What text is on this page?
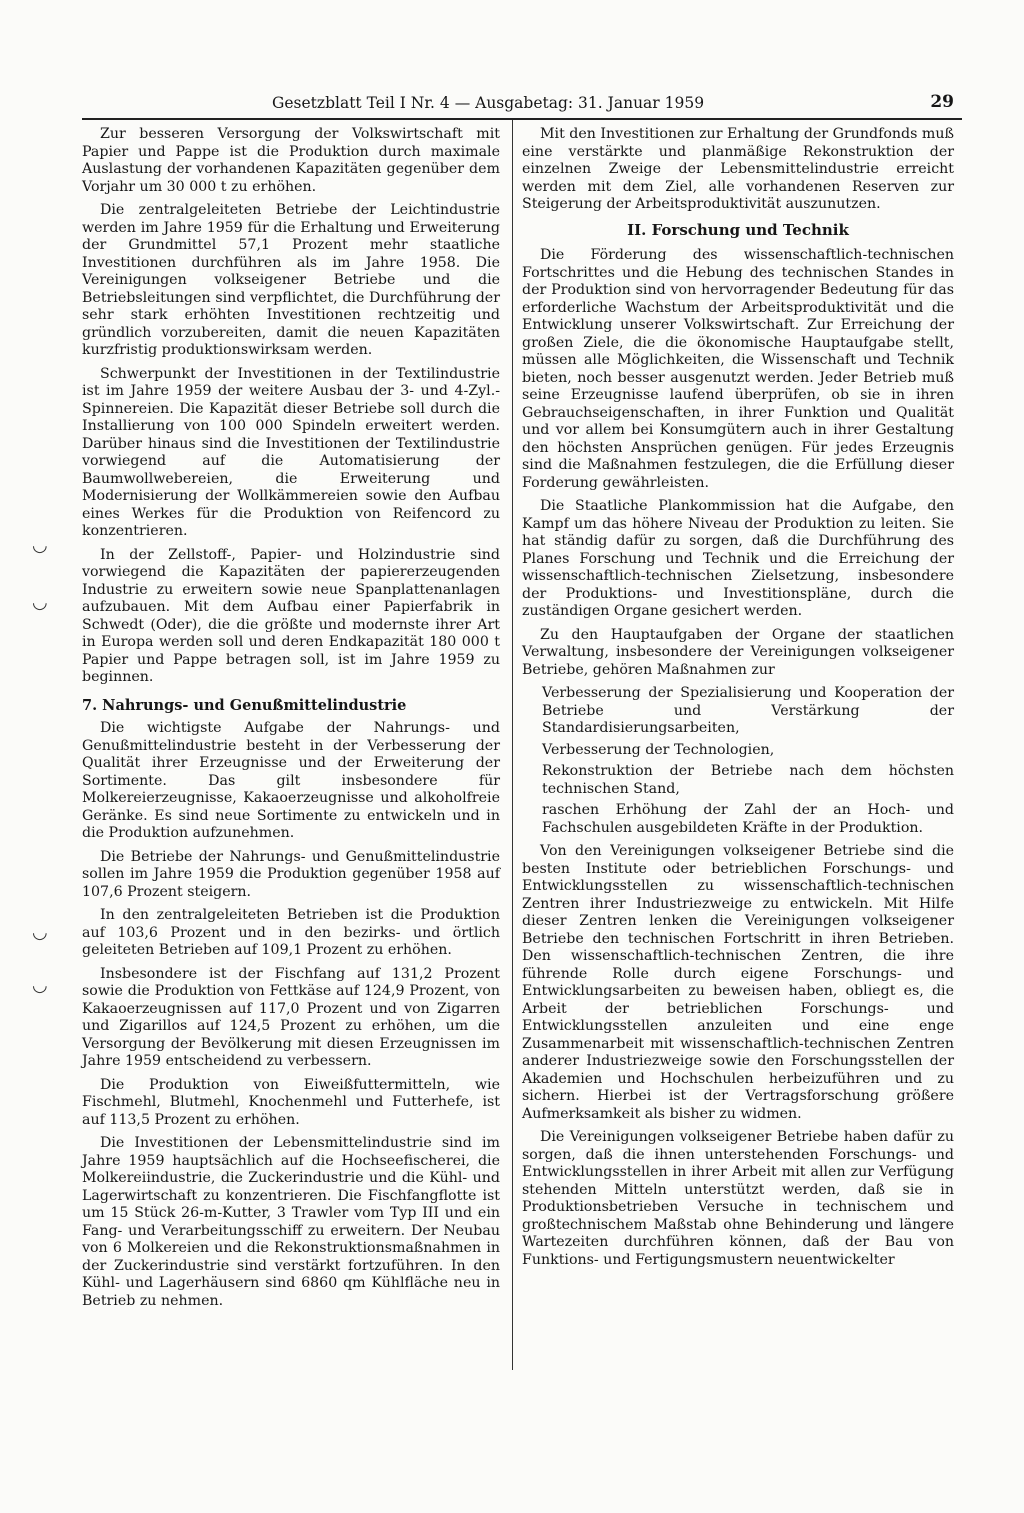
Gesetzblatt Teil I Nr. 4 — Ausgabetag: 31. Januar 1959	29
◡
◡
◡
◡

Zur besseren Versorgung der Volkswirtschaft mit Papier und Pappe ist die Produktion durch maximale Auslastung der vorhandenen Kapazitäten gegenüber dem Vorjahr um 30 000 t zu erhöhen.

Die zentralgeleiteten Betriebe der Leichtindustrie werden im Jahre 1959 für die Erhaltung und Erweiterung der Grundmittel 57,1 Prozent mehr staatliche Investitionen durchführen als im Jahre 1958. Die Vereinigungen volkseigener Betriebe und die Betriebsleitungen sind verpflichtet, die Durchführung der sehr stark erhöhten Investitionen rechtzeitig und gründlich vorzubereiten, damit die neuen Kapazitäten kurzfristig produktionswirksam werden.

Schwerpunkt der Investitionen in der Textilindustrie ist im Jahre 1959 der weitere Ausbau der 3- und 4-Zyl.-Spinnereien. Die Kapazität dieser Betriebe soll durch die Installierung von 100 000 Spindeln erweitert werden. Darüber hinaus sind die Investitionen der Textilindustrie vorwiegend auf die Automatisierung der Baumwollwebereien, die Erweiterung und Modernisierung der Wollkämmereien sowie den Aufbau eines Werkes für die Produktion von Reifencord zu konzentrieren.

In der Zellstoff-, Papier- und Holzindustrie sind vorwiegend die Kapazitäten der papiererzeugenden Industrie zu erweitern sowie neue Spanplattenanlagen aufzubauen. Mit dem Aufbau einer Papierfabrik in Schwedt (Oder), die die größte und modernste ihrer Art in Europa werden soll und deren Endkapazität 180 000 t Papier und Pappe betragen soll, ist im Jahre 1959 zu beginnen.

7. Nahrungs- und Genußmittelindustrie

Die wichtigste Aufgabe der Nahrungs- und Genußmittelindustrie besteht in der Verbesserung der Qualität ihrer Erzeugnisse und der Erweiterung der Sortimente. Das gilt insbesondere für Molkereierzeugnisse, Kakaoerzeugnisse und alkoholfreie Geränke. Es sind neue Sortimente zu entwickeln und in die Produktion aufzunehmen.

Die Betriebe der Nahrungs- und Genußmittelindustrie sollen im Jahre 1959 die Produktion gegenüber 1958 auf 107,6 Prozent steigern.

In den zentralgeleiteten Betrieben ist die Produktion auf 103,6 Prozent und in den bezirks- und örtlich geleiteten Betrieben auf 109,1 Prozent zu erhöhen.

Insbesondere ist der Fischfang auf 131,2 Prozent sowie die Produktion von Fettkäse auf 124,9 Prozent, von Kakaoerzeugnissen auf 117,0 Prozent und von Zigarren und Zigarillos auf 124,5 Prozent zu erhöhen, um die Versorgung der Bevölkerung mit diesen Erzeugnissen im Jahre 1959 entscheidend zu verbessern.

Die Produktion von Eiweißfuttermitteln, wie Fischmehl, Blutmehl, Knochenmehl und Futterhefe, ist auf 113,5 Prozent zu erhöhen.

Die Investitionen der Lebensmittelindustrie sind im Jahre 1959 hauptsächlich auf die Hochseefischerei, die Molkereiindustrie, die Zuckerindustrie und die Kühl- und Lagerwirtschaft zu konzentrieren. Die Fischfangflotte ist um 15 Stück 26-m-Kutter, 3 Trawler vom Typ III und ein Fang- und Verarbeitungsschiff zu erweitern. Der Neubau von 6 Molkereien und die Rekonstruktionsmaßnahmen in der Zuckerindustrie sind verstärkt fortzuführen. In den Kühl- und Lagerhäusern sind 6860 qm Kühlfläche neu in Betrieb zu nehmen.

Mit den Investitionen zur Erhaltung der Grundfonds muß eine verstärkte und planmäßige Rekonstruktion der einzelnen Zweige der Lebensmittelindustrie erreicht werden mit dem Ziel, alle vorhandenen Reserven zur Steigerung der Arbeitsproduktivität auszunutzen.

II. Forschung und Technik

Die Förderung des wissenschaftlich-technischen Fortschrittes und die Hebung des technischen Standes in der Produktion sind von hervorragender Bedeutung für das erforderliche Wachstum der Arbeitsproduktivität und die Entwicklung unserer Volkswirtschaft. Zur Erreichung der großen Ziele, die die ökonomische Hauptaufgabe stellt, müssen alle Möglichkeiten, die Wissenschaft und Technik bieten, noch besser ausgenutzt werden. Jeder Betrieb muß seine Erzeugnisse laufend überprüfen, ob sie in ihren Gebrauchseigenschaften, in ihrer Funktion und Qualität und vor allem bei Konsumgütern auch in ihrer Gestaltung den höchsten Ansprüchen genügen. Für jedes Erzeugnis sind die Maßnahmen festzulegen, die die Erfüllung dieser Forderung gewährleisten.

Die Staatliche Plankommission hat die Aufgabe, den Kampf um das höhere Niveau der Produktion zu leiten. Sie hat ständig dafür zu sorgen, daß die Durchführung des Planes Forschung und Technik und die Erreichung der wissenschaftlich-technischen Zielsetzung, insbesondere der Produktions- und Investitionspläne, durch die zuständigen Organe gesichert werden.

Zu den Hauptaufgaben der Organe der staatlichen Verwaltung, insbesondere der Vereinigungen volkseigener Betriebe, gehören Maßnahmen zur

Verbesserung der Spezialisierung und Kooperation der Betriebe und Verstärkung der Standardisierungsarbeiten,
Verbesserung der Technologien,
Rekonstruktion der Betriebe nach dem höchsten technischen Stand,
raschen Erhöhung der Zahl der an Hoch- und Fachschulen ausgebildeten Kräfte in der Produktion.

Von den Vereinigungen volkseigener Betriebe sind die besten Institute oder betrieblichen Forschungs- und Entwicklungsstellen zu wissenschaftlich-technischen Zentren ihrer Industriezweige zu entwickeln. Mit Hilfe dieser Zentren lenken die Vereinigungen volkseigener Betriebe den technischen Fortschritt in ihren Betrieben. Den wissenschaftlich-technischen Zentren, die ihre führende Rolle durch eigene Forschungs- und Entwicklungsarbeiten zu beweisen haben, obliegt es, die Arbeit der betrieblichen Forschungs- und Entwicklungsstellen anzuleiten und eine enge Zusammenarbeit mit wissenschaftlich-technischen Zentren anderer Industriezweige sowie den Forschungsstellen der Akademien und Hochschulen herbeizuführen und zu sichern. Hierbei ist der Vertragsforschung größere Aufmerksamkeit als bisher zu widmen.

Die Vereinigungen volkseigener Betriebe haben dafür zu sorgen, daß die ihnen unterstehenden Forschungs- und Entwicklungsstellen in ihrer Arbeit mit allen zur Verfügung stehenden Mitteln unterstützt werden, daß sie in Produktionsbetrieben Versuche in technischem und großtechnischem Maßstab ohne Behinderung und längere Wartezeiten durchführen können, daß der Bau von Funktions- und Fertigungsmustern neuentwickelter
